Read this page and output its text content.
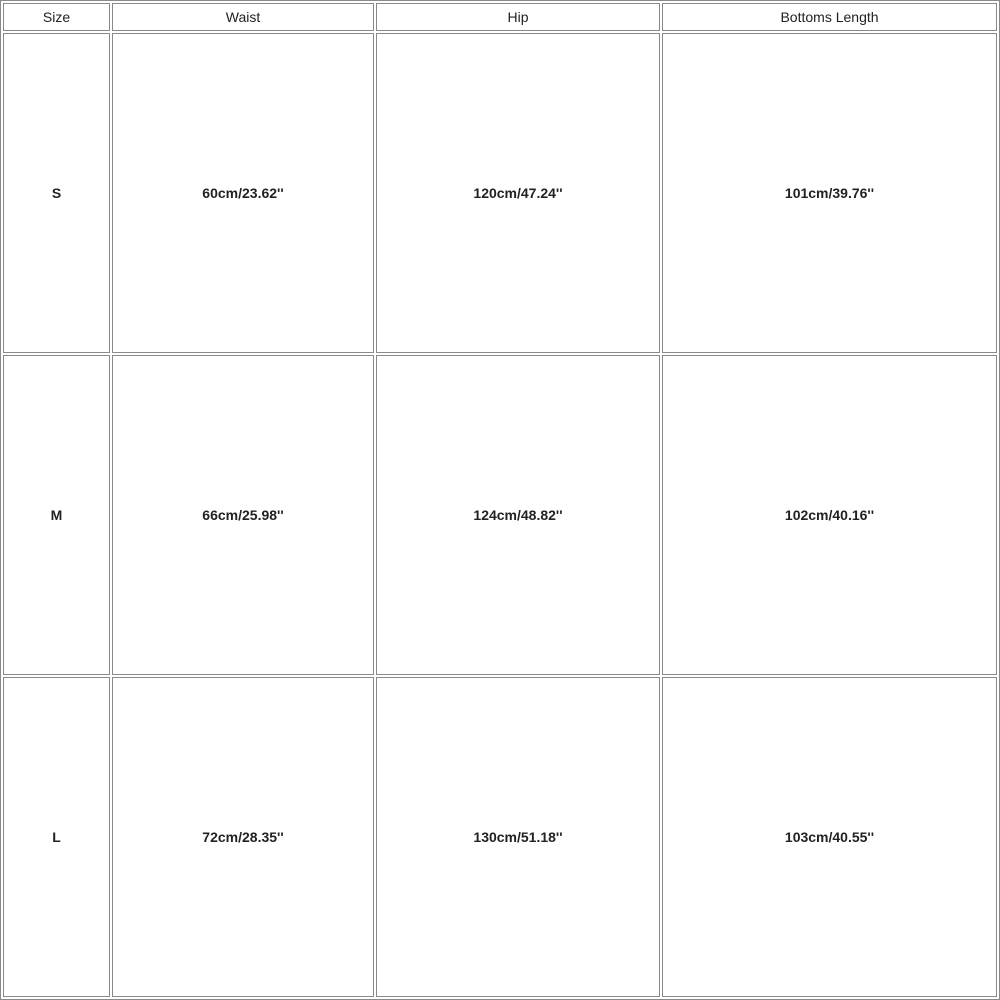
Size	Waist	Hip	Bottoms Length
S	60cm/23.62''	120cm/47.24''	101cm/39.76''
M	66cm/25.98''	124cm/48.82''	102cm/40.16''
L	72cm/28.35''	130cm/51.18''	103cm/40.55''
